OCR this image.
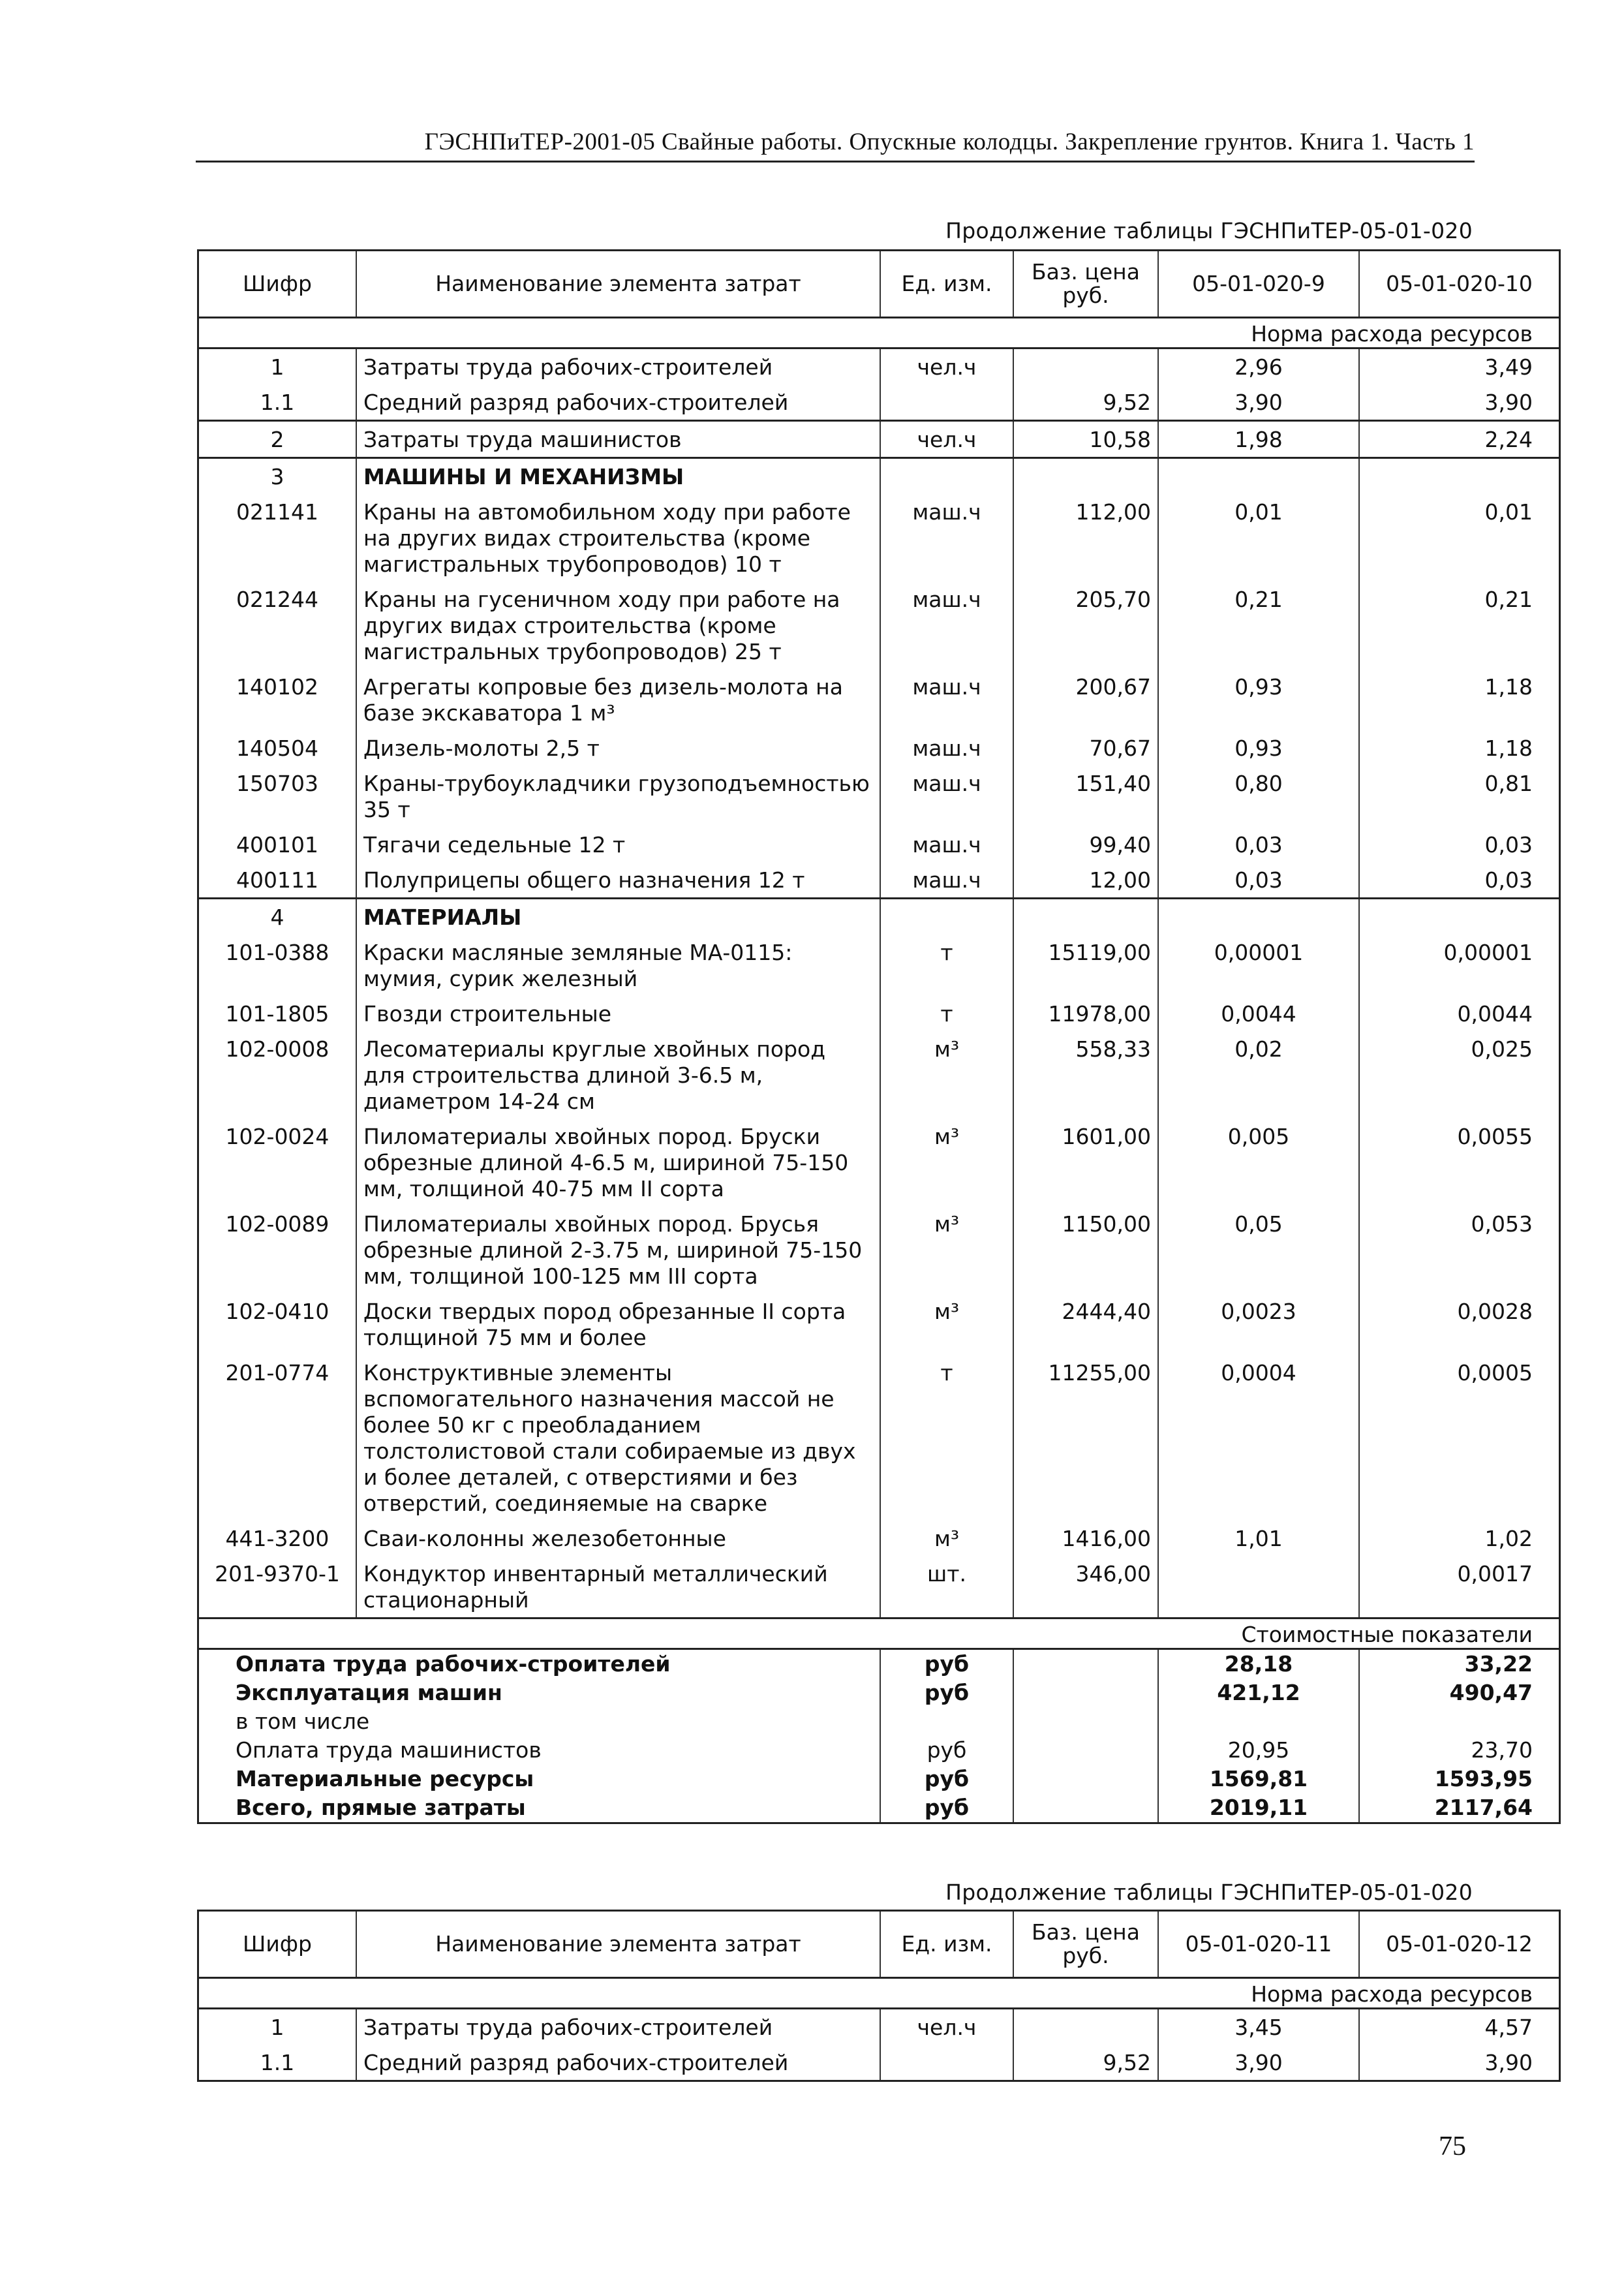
ГЭСНПиТЕР-2001-05 Свайные работы. Опускные колодцы. Закрепление грунтов. Книга 1. Часть 1
Продолжение таблицы ГЭСНПиТЕР-05-01-020
Шифр	Наименование элемента затрат	Ед. изм.	Баз. цена руб.	05-01-020-9	05-01-020-10
Норма расхода ресурсов					
1	Затраты труда рабочих-строителей	чел.ч		2,96	3,49
1.1	Средний разряд рабочих-строителей		9,52	3,90	3,90
2	Затраты труда машинистов	чел.ч	10,58	1,98	2,24
3	МАШИНЫ И МЕХАНИЗМЫ				
021141	Краны на автомобильном ходу при работе на других видах строительства (кроме магистральных трубопроводов) 10 т	маш.ч	112,00	0,01	0,01
021244	Краны на гусеничном ходу при работе на других видах строительства (кроме магистральных трубопроводов) 25 т	маш.ч	205,70	0,21	0,21
140102	Агрегаты копровые без дизель-молота на базе экскаватора 1 м³	маш.ч	200,67	0,93	1,18
140504	Дизель-молоты 2,5 т	маш.ч	70,67	0,93	1,18
150703	Краны-трубоукладчики грузоподъемностью 35 т	маш.ч	151,40	0,80	0,81
400101	Тягачи седельные 12 т	маш.ч	99,40	0,03	0,03
400111	Полуприцепы общего назначения 12 т	маш.ч	12,00	0,03	0,03
4	МАТЕРИАЛЫ				
101-0388	Краски масляные земляные МА-0115: мумия, сурик железный	т	15119,00	0,00001	0,00001
101-1805	Гвозди строительные	т	11978,00	0,0044	0,0044
102-0008	Лесоматериалы круглые хвойных пород для строительства длиной 3-6.5 м, диаметром 14-24 см	м³	558,33	0,02	0,025
102-0024	Пиломатериалы хвойных пород. Бруски обрезные длиной 4-6.5 м, шириной 75-150 мм, толщиной 40-75 мм II сорта	м³	1601,00	0,005	0,0055
102-0089	Пиломатериалы хвойных пород. Брусья обрезные длиной 2-3.75 м, шириной 75-150 мм, толщиной 100-125 мм III сорта	м³	1150,00	0,05	0,053
102-0410	Доски твердых пород обрезанные II сорта толщиной 75 мм и более	м³	2444,40	0,0023	0,0028
201-0774	Конструктивные элементы вспомогательного назначения массой не более 50 кг с преобладанием толстолистовой стали собираемые из двух и более деталей, с отверстиями и без отверстий, соединяемые на сварке	т	11255,00	0,0004	0,0005
441-3200	Сваи-колонны железобетонные	м³	1416,00	1,01	1,02
201-9370-1	Кондуктор инвентарный металлический стационарный	шт.	346,00		0,0017
Стоимостные показатели					
Оплата труда рабочих-строителей		руб		28,18	33,22
Эксплуатация машин		руб		421,12	490,47
в том числе					
Оплата труда машинистов		руб		20,95	23,70
Материальные ресурсы		руб		1569,81	1593,95
Всего, прямые затраты		руб		2019,11	2117,64
Продолжение таблицы ГЭСНПиТЕР-05-01-020
Шифр	Наименование элемента затрат	Ед. изм.	Баз. цена руб.	05-01-020-11	05-01-020-12
Норма расхода ресурсов					
1	Затраты труда рабочих-строителей	чел.ч		3,45	4,57
1.1	Средний разряд рабочих-строителей		9,52	3,90	3,90
75
